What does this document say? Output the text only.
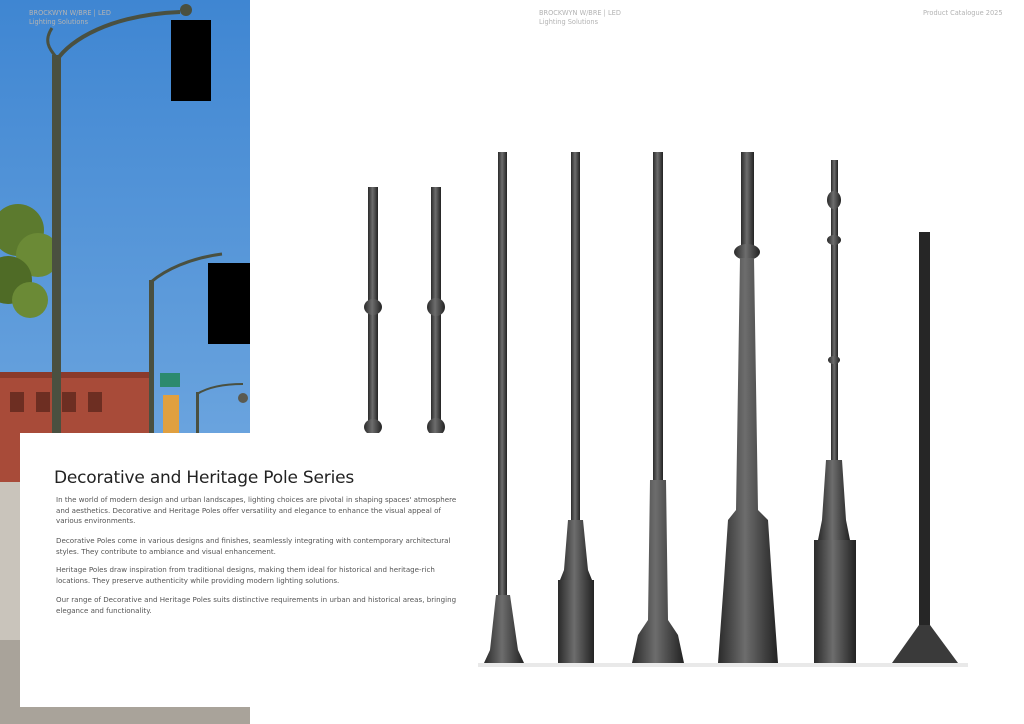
BROCKWYN W/BRE | LED Lighting Solutions
BROCKWYN W/BRE | LED Lighting Solutions
Product Catalogue 2025
Decorative and Heritage Pole Series

In the world of modern design and urban landscapes, lighting choices are pivotal in shaping spaces' atmosphere and aesthetics. Decorative and Heritage Poles offer versatility and elegance to enhance the visual appeal of various environments.

Decorative Poles come in various designs and ﬁnishes, seamlessly integrating with contemporary architectural styles. They contribute to ambiance and visual enhancement.

Heritage Poles draw inspiration from traditional designs, making them ideal for historical and heritage-rich locations. They preserve authenticity while providing modern lighting solutions.

Our range of Decorative and Heritage Poles suits distinctive requirements in urban and historical areas, bringing elegance and functionality.
